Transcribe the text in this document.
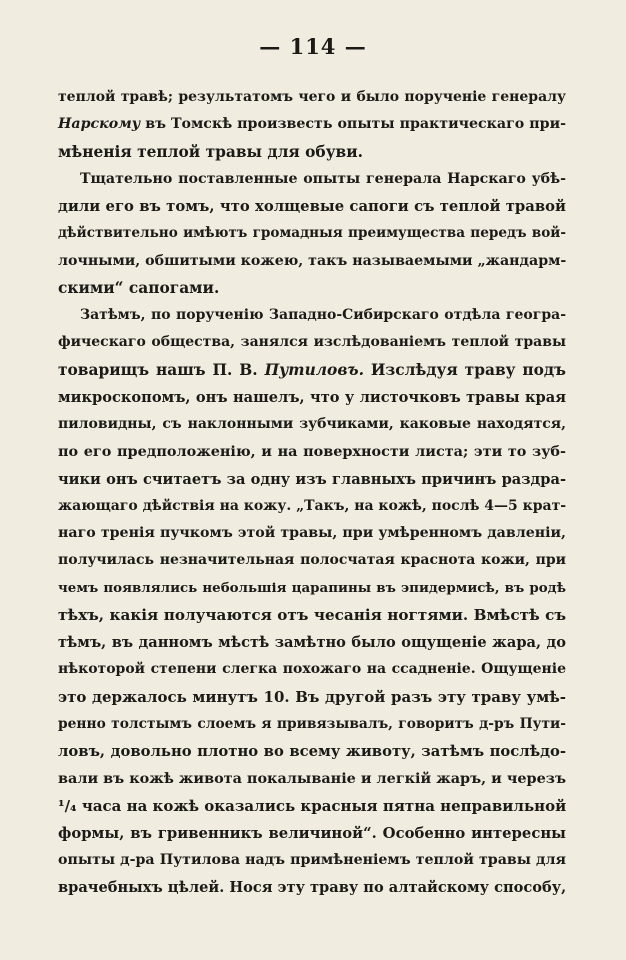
— 114 —
теплой травѣ; результатомъ чего и было порученіе генералу
Нарскому въ Томскѣ произвесть опыты практическаго при-
мѣненія теплой травы для обуви.
Тщательно поставленные опыты генерала Нарскаго убѣ-
дили его въ томъ, что холщевые сапоги съ теплой травой
дѣйствительно имѣютъ громадныя преимущества передъ вой-
лочными, обшитыми кожею, такъ называемыми „жандарм-
скими“ сапогами.
Затѣмъ, по порученію Западно-Сибирскаго отдѣла геогра-
фическаго общества, занялся изслѣдованіемъ теплой травы
товарищъ нашъ П. В. Путиловъ. Изслѣдуя траву подъ
микроскопомъ, онъ нашелъ, что у листочковъ травы края
пиловидны, съ наклонными зубчиками, каковые находятся,
по его предположенію, и на поверхности листа; эти то зуб-
чики онъ считаетъ за одну изъ главныхъ причинъ раздра-
жающаго дѣйствія на кожу. „Такъ, на кожѣ, послѣ 4—5 крат-
наго тренія пучкомъ этой травы, при умѣренномъ давленіи,
получилась незначительная полосчатая краснота кожи, при
чемъ появлялись небольшія царапины въ эпидермисѣ, въ родѣ
тѣхъ, какія получаются отъ чесанія ногтями. Вмѣстѣ съ
тѣмъ, въ данномъ мѣстѣ замѣтно было ощущеніе жара, до
нѣкоторой степени слегка похожаго на ссадненіе. Ощущеніе
это держалось минутъ 10. Въ другой разъ эту траву умѣ-
ренно толстымъ слоемъ я привязывалъ, говоритъ д-ръ Пути-
ловъ, довольно плотно во всему животу, затѣмъ послѣдо-
вали въ кожѣ живота покалываніе и легкій жаръ, и черезъ
¹/₄ часа на кожѣ оказались красныя пятна неправильной
формы, въ гривенникъ величиной“. Особенно интересны
опыты д-ра Путилова надъ примѣненіемъ теплой травы для
врачебныхъ цѣлей. Нося эту траву по алтайскому способу,
